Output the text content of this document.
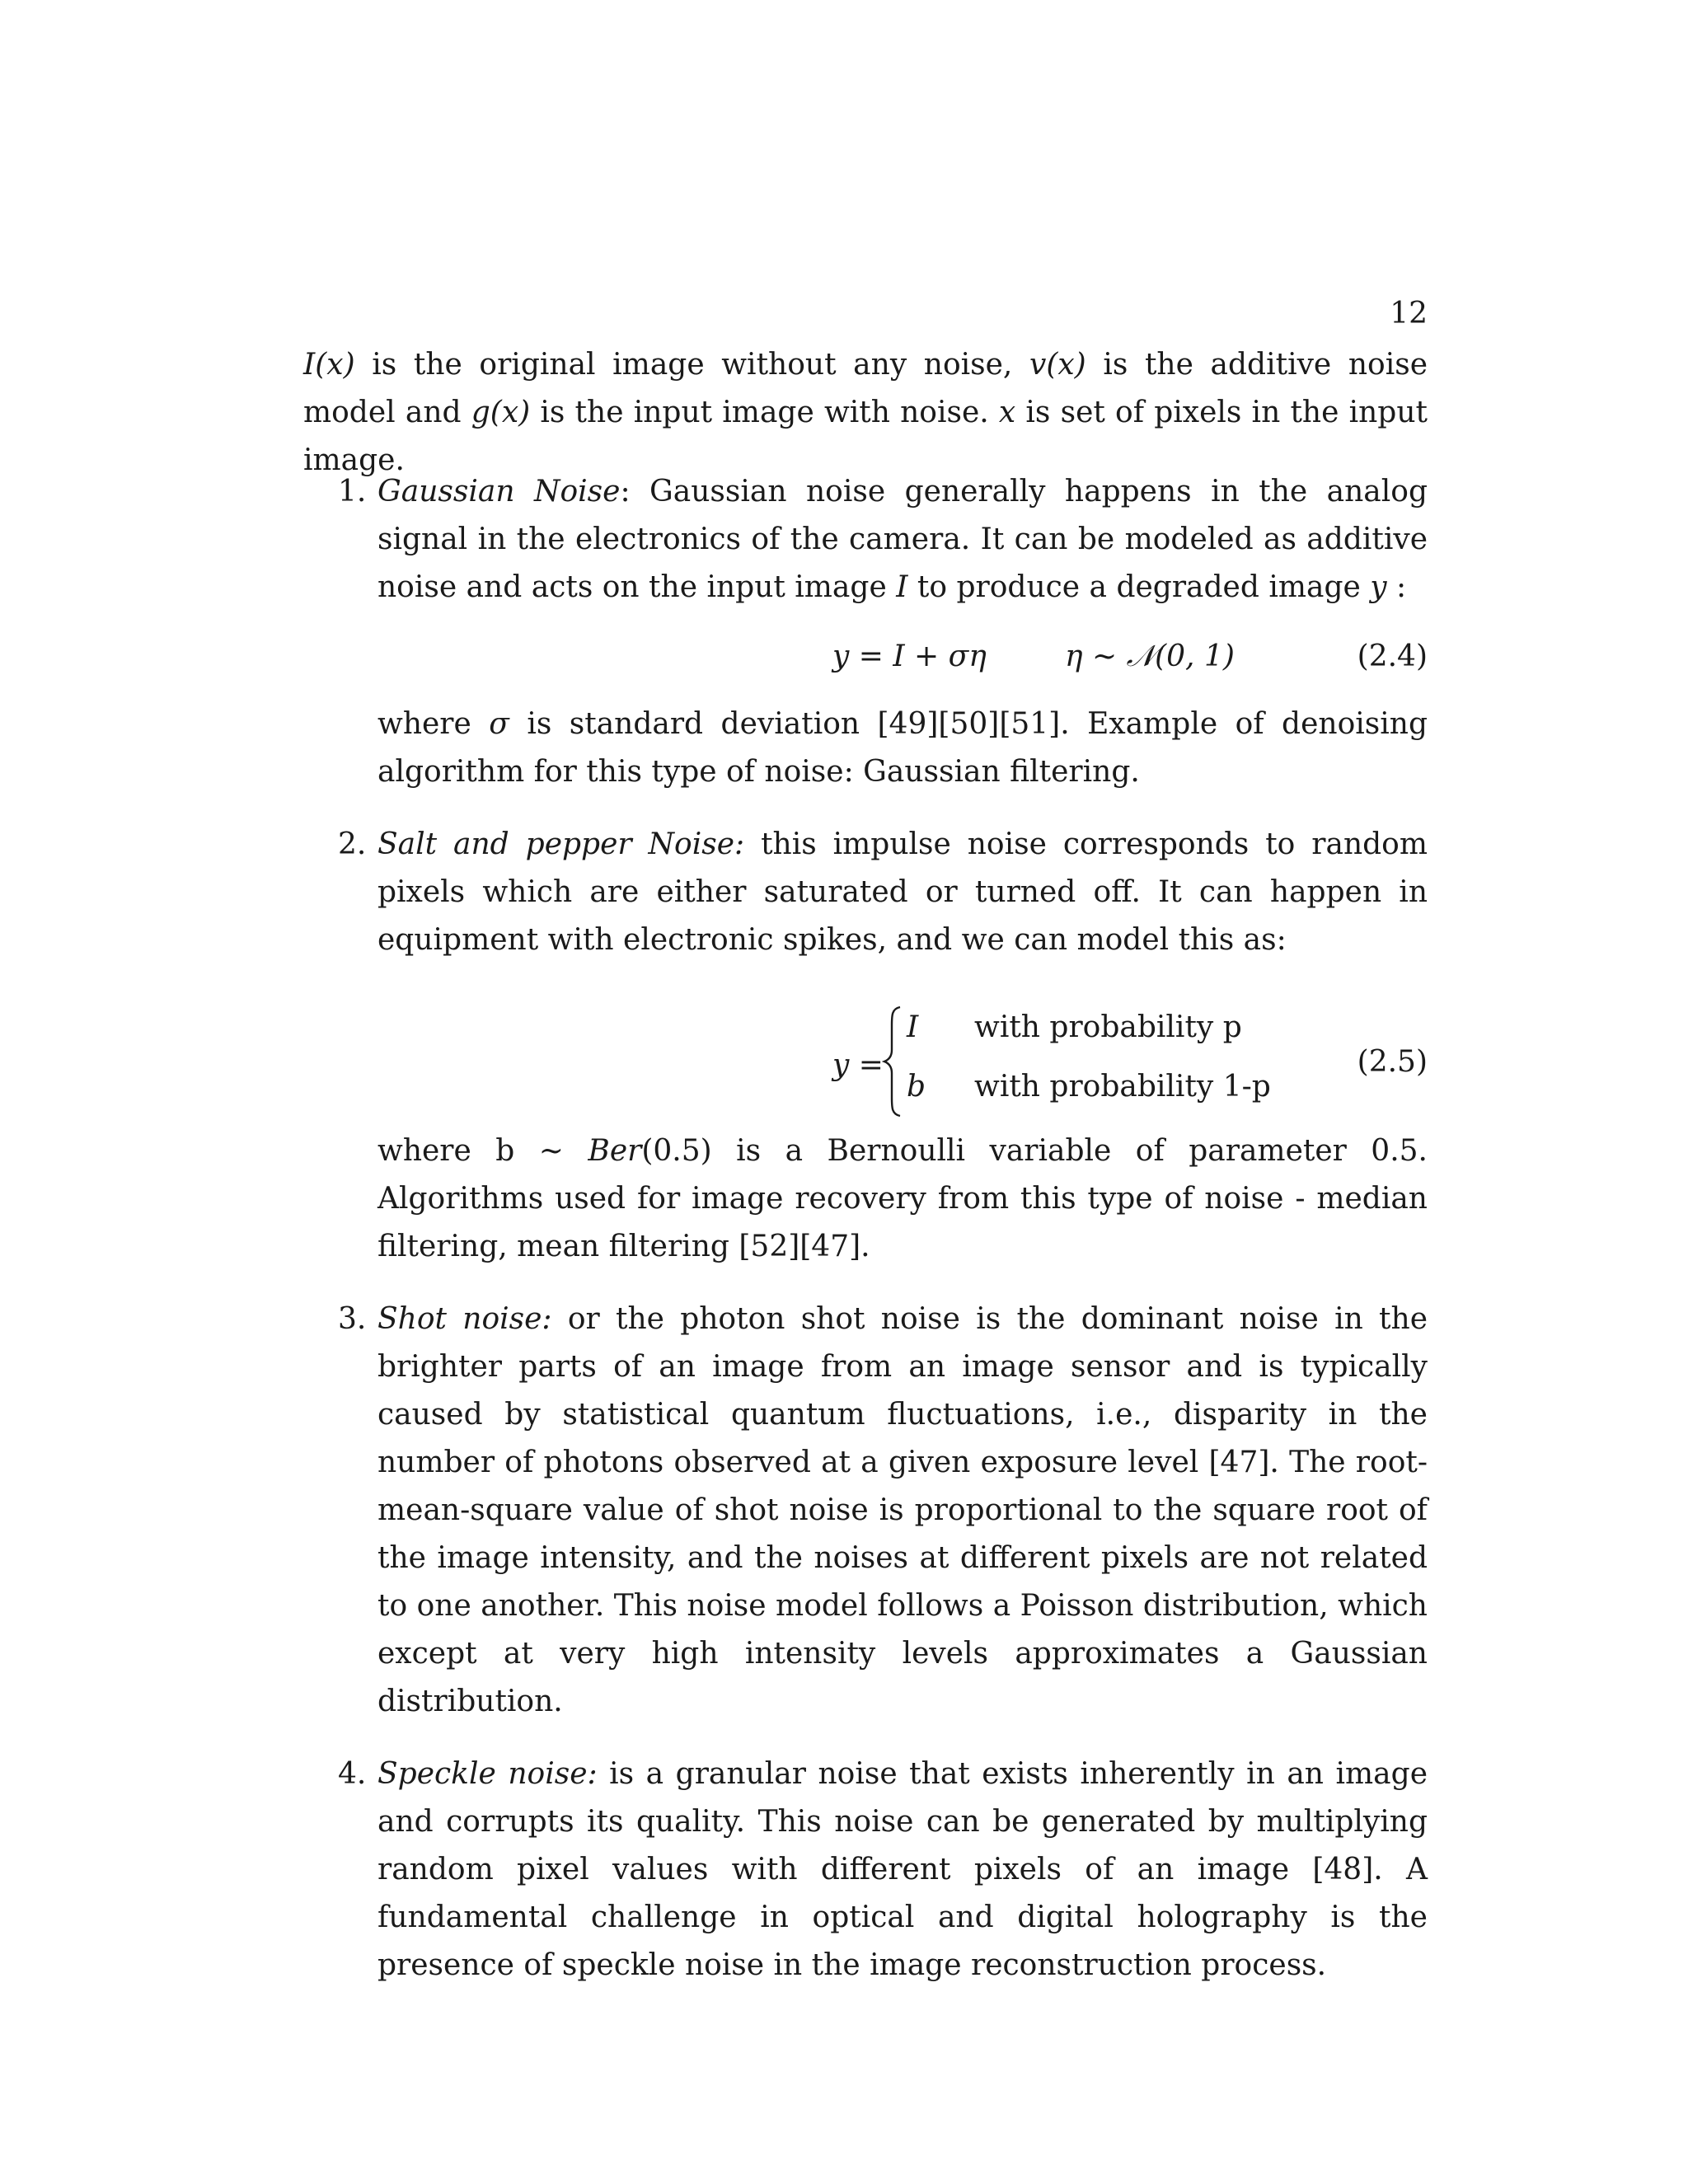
12

I(x) is the original image without any noise, v(x) is the additive noise model and g(x) is the input image with noise. x is set of pixels in the input image.

1. Gaussian Noise: Gaussian noise generally happens in the analog signal in the electronics of the camera. It can be modeled as additive noise and acts on the input image I to produce a degraded image y :

y = I + ση	η ~ 𝒩(0, 1)	(2.4)

where σ is standard deviation [49][50][51]. Example of denoising algorithm for this type of noise: Gaussian filtering.

2. Salt and pepper Noise: this impulse noise corresponds to random pixels which are either saturated or turned off. It can happen in equipment with electronic spikes, and we can model this as:

y =
I with probability p
b with probability 1-p
(2.5)

where b ~ Ber(0.5) is a Bernoulli variable of parameter 0.5. Algorithms used for image recovery from this type of noise - median filtering, mean filtering [52][47].

3. Shot noise: or the photon shot noise is the dominant noise in the brighter parts of an image from an image sensor and is typically caused by statistical quantum fluctuations, i.e., disparity in the number of photons observed at a given exposure level [47]. The root-mean-square value of shot noise is proportional to the square root of the image intensity, and the noises at different pixels are not related to one another. This noise model follows a Poisson distribution, which except at very high intensity levels approximates a Gaussian distribution.

4. Speckle noise: is a granular noise that exists inherently in an image and corrupts its quality. This noise can be generated by multiplying random pixel values with different pixels of an image [48]. A fundamental challenge in optical and digital holography is the presence of speckle noise in the image reconstruction process.
